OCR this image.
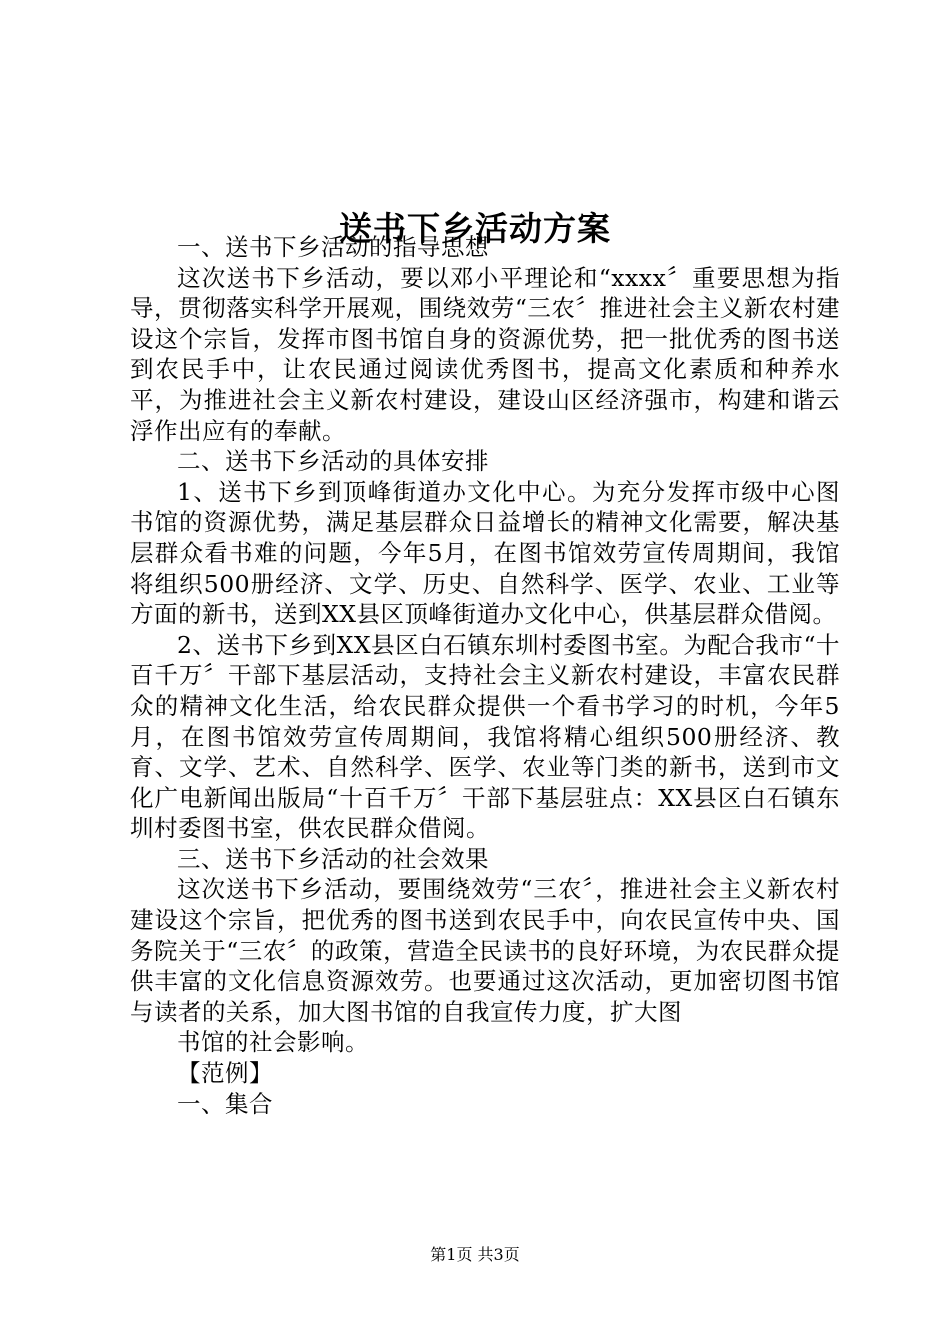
送书下乡活动方案

一、送书下乡活动的指导思想

这次送书下乡活动，要以邓小平理论和“xxxx〞重要思想为指导，贯彻落实科学开展观，围绕效劳“三农〞推进社会主义新农村建设这个宗旨，发挥市图书馆自身的资源优势，把一批优秀的图书送到农民手中，让农民通过阅读优秀图书，提高文化素质和种养水平，为推进社会主义新农村建设，建设山区经济强市，构建和谐云浮作出应有的奉献。

二、送书下乡活动的具体安排

1、送书下乡到顶峰街道办文化中心。为充分发挥市级中心图书馆的资源优势，满足基层群众日益增长的精神文化需要，解决基层群众看书难的问题，今年5月，在图书馆效劳宣传周期间，我馆将组织500册经济、文学、历史、自然科学、医学、农业、工业等方面的新书，送到XX县区顶峰街道办文化中心，供基层群众借阅。

2、送书下乡到XX县区白石镇东圳村委图书室。为配合我市“十百千万〞干部下基层活动，支持社会主义新农村建设，丰富农民群众的精神文化生活，给农民群众提供一个看书学习的时机，今年5月，在图书馆效劳宣传周期间，我馆将精心组织500册经济、教育、文学、艺术、自然科学、医学、农业等门类的新书，送到市文化广电新闻出版局“十百千万〞干部下基层驻点：XX县区白石镇东圳村委图书室，供农民群众借阅。

三、送书下乡活动的社会效果

这次送书下乡活动，要围绕效劳“三农〞，推进社会主义新农村建设这个宗旨，把优秀的图书送到农民手中，向农民宣传中央、国务院关于“三农〞的政策，营造全民读书的良好环境，为农民群众提供丰富的文化信息资源效劳。也要通过这次活动，更加密切图书馆与读者的关系，加大图书馆的自我宣传力度，扩大图

书馆的社会影响。

【范例】

一、集合

第1页 共3页
